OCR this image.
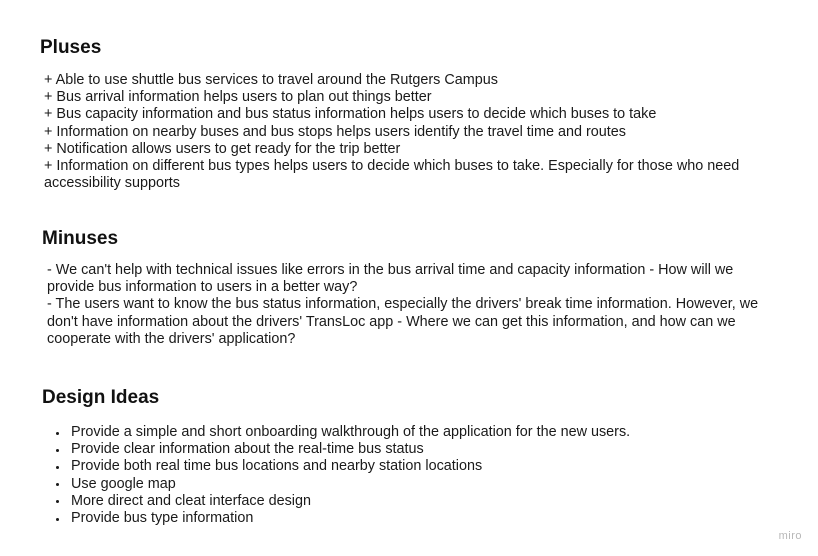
Pluses
+ Able to use shuttle bus services to travel around the Rutgers Campus
+ Bus arrival information helps users to plan out things better
+ Bus capacity information and bus status information helps users to decide which buses to take
+ Information on nearby buses and bus stops helps users identify the travel time and routes
+ Notification allows users to get ready for the trip better
+ Information on different bus types helps users to decide which buses to take. Especially for those who need accessibility supports
Minuses
- We can't help with technical issues like errors in the bus arrival time and capacity information - How will we provide bus information to users in a better way?
- The users want to know the bus status information, especially the drivers' break time information. However, we don't have information about the drivers' TransLoc app - Where we can get this information, and how can we cooperate with the drivers' application?
Design Ideas
Provide a simple and short onboarding walkthrough of the application for the new users.
Provide clear information about the real-time bus status
Provide both real time bus locations and nearby station locations
Use google map
More direct and cleat interface design
Provide bus type information
miro
